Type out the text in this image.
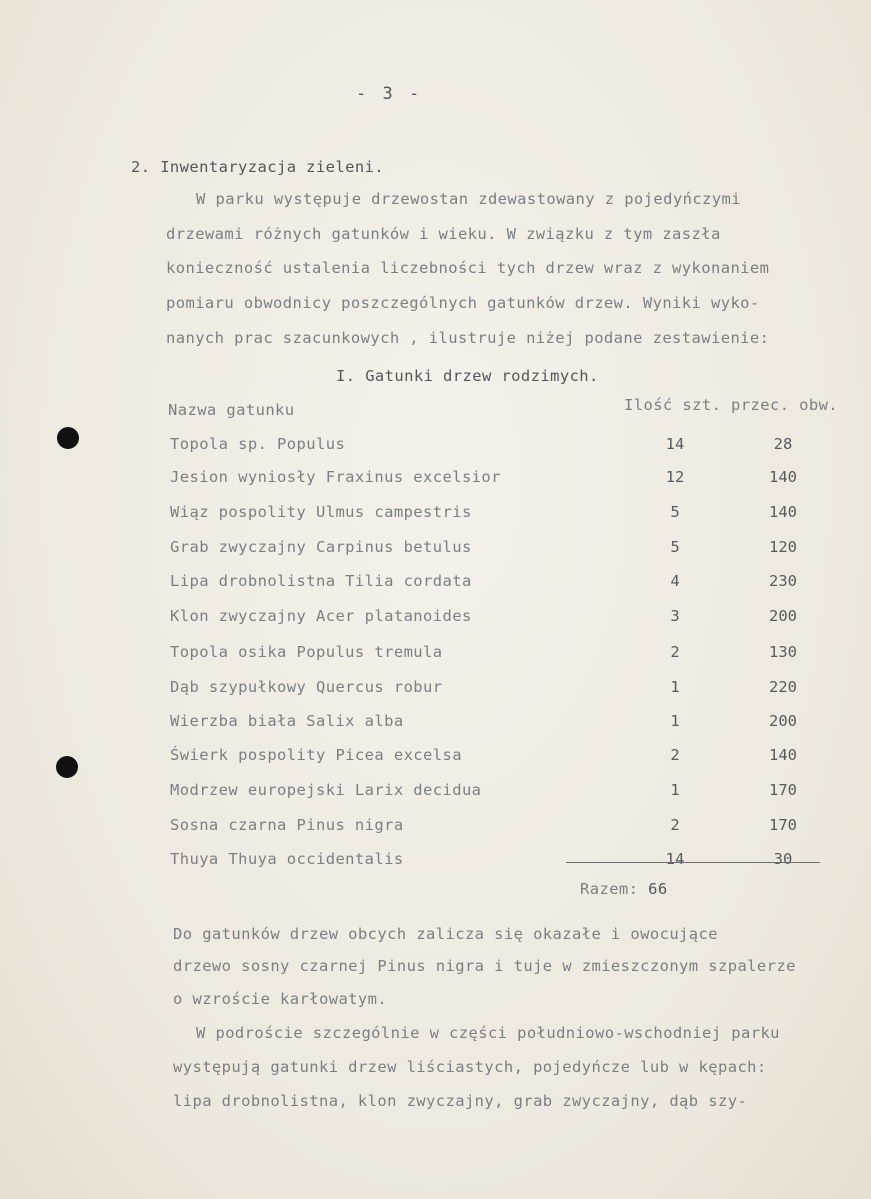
- 3 -
2. Inwentaryzacja zieleni.
W parku występuje drzewostan zdewastowany z pojedyńczymi
drzewami różnych gatunków i wieku. W związku z tym zaszła
konieczność ustalenia liczebności tych drzew wraz z wykonaniem
pomiaru obwodnicy poszczególnych gatunków drzew. Wyniki wyko-
nanych prac szacunkowych , ilustruje niżej podane zestawienie:
I. Gatunki drzew rodzimych.
Nazwa gatunku	Ilość szt. przec. obw.
Topola sp. Populus	14	28
Jesion wyniosły Fraxinus excelsior	12	140
Wiąz pospolity Ulmus campestris	5	140
Grab zwyczajny Carpinus betulus	5	120
Lipa drobnolistna Tilia cordata	4	230
Klon zwyczajny Acer platanoides	3	200
Topola osika Populus tremula	2	130
Dąb szypułkowy Quercus robur	1	220
Wierzba biała Salix alba	1	200
Świerk pospolity Picea excelsa	2	140
Modrzew europejski Larix decidua	1	170
Sosna czarna Pinus nigra	2	170
Thuya Thuya occidentalis	14	30
Razem: 66
Do gatunków drzew obcych zalicza się okazałe i owocujące
drzewo sosny czarnej Pinus nigra i tuje w zmieszczonym szpalerze
o wzroście karłowatym.
W podroście szczególnie w części południowo-wschodniej parku
występują gatunki drzew liściastych, pojedyńcze lub w kępach:
lipa drobnolistna, klon zwyczajny, grab zwyczajny, dąb szy-
